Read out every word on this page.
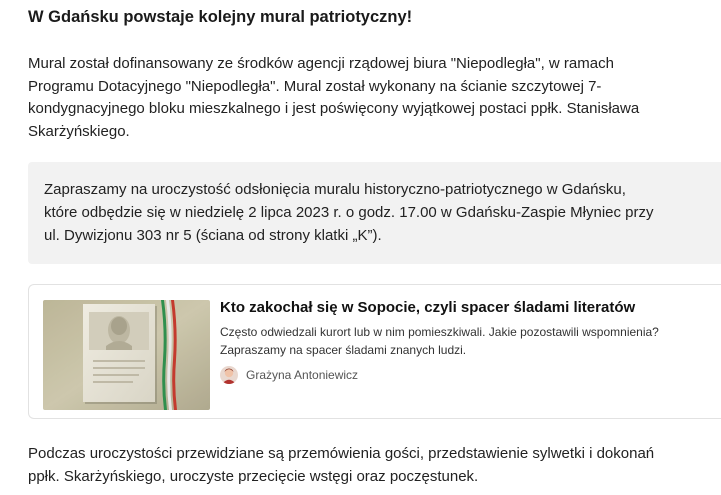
W Gdańsku powstaje kolejny mural patriotyczny!
Mural został dofinansowany ze środków agencji rządowej biura "Niepodległa", w ramach
Programu Dotacyjnego "Niepodległa". Mural został wykonany na ścianie szczytowej 7-
kondygnacyjnego bloku mieszkalnego i jest poświęcony wyjątkowej postaci ppłk. Stanisława
Skarżyńskiego.
Zapraszamy na uroczystość odsłonięcia muralu historyczno-patriotycznego w Gdańsku,
które odbędzie się w niedzielę 2 lipca 2023 r. o godz. 17.00 w Gdańsku-Zaspie Młyniec przy
ul. Dywizjonu 303 nr 5 (ściana od strony klatki „K”).
Kto zakochał się w Sopocie, czyli spacer śladami literatów
Często odwiedzali kurort lub w nim pomieszkiwali. Jakie pozostawili wspomnienia?
Zapraszamy na spacer śladami znanych ludzi.
Grażyna Antoniewicz
Podczas uroczystości przewidziane są przemówienia gości, przedstawienie sylwetki i dokonań
ppłk. Skarżyńskiego, uroczyste przecięcie wstęgi oraz poczęstunek.
